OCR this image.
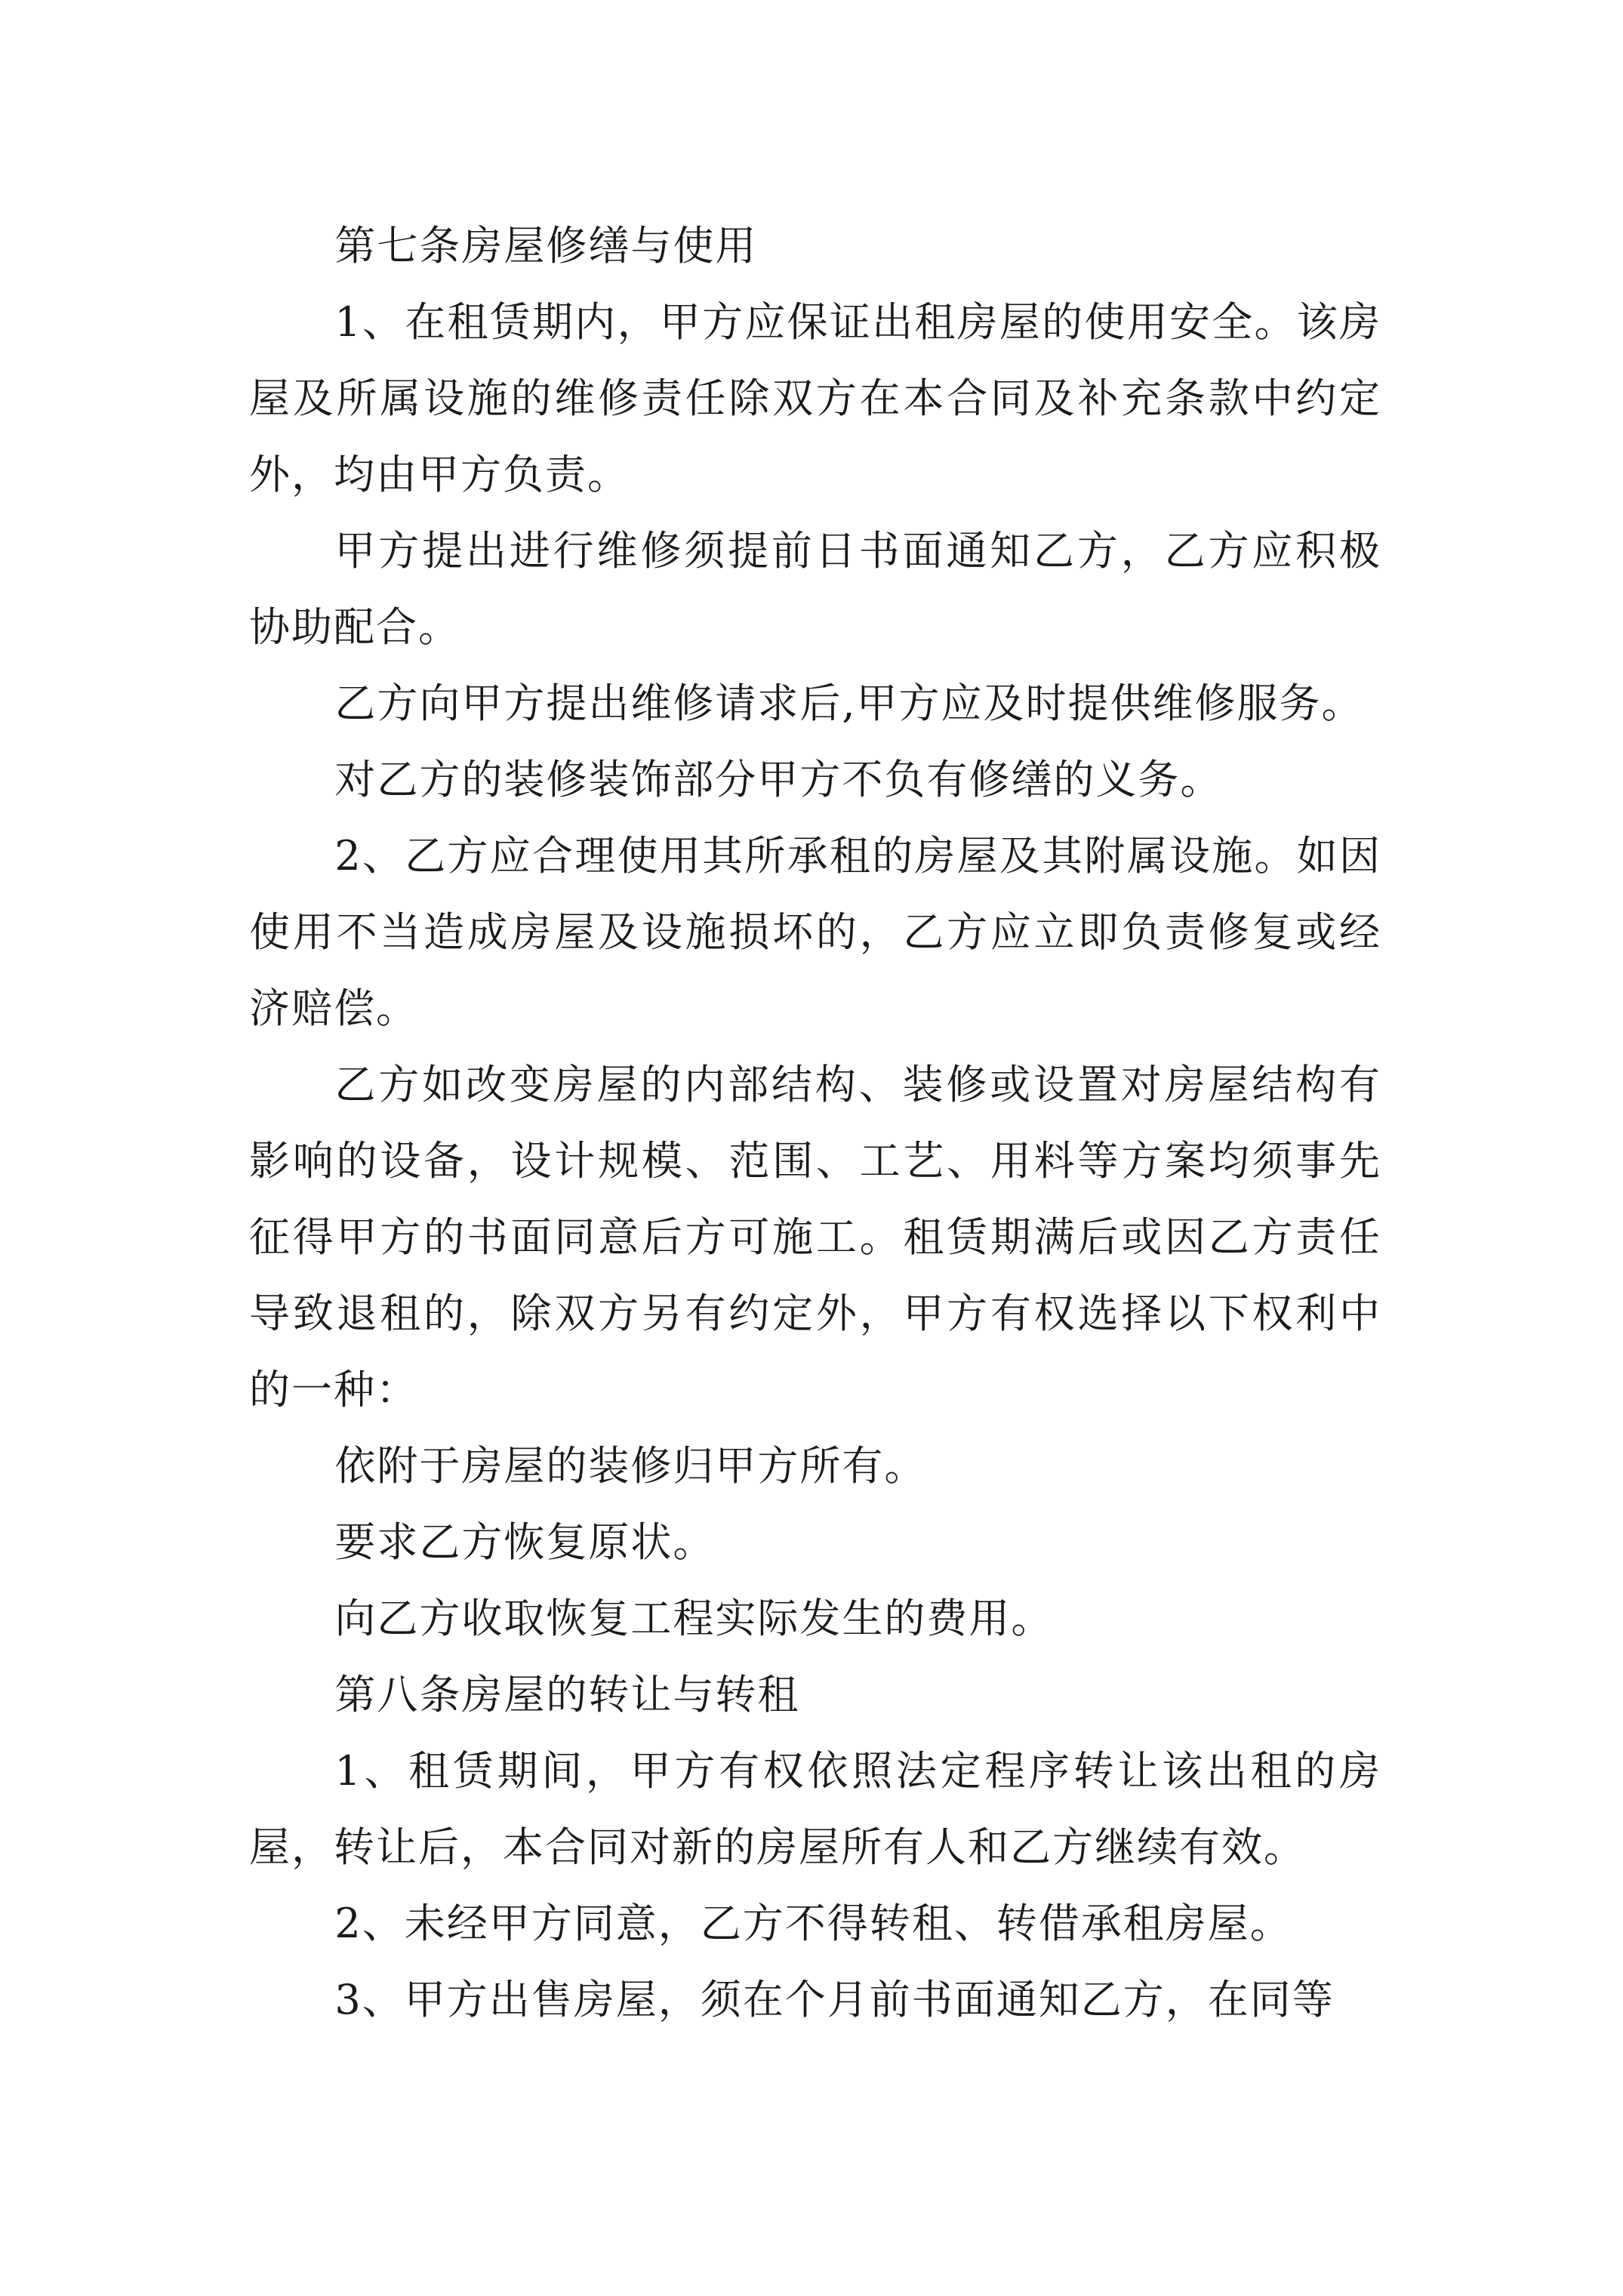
第七条房屋修缮与使用

1、在租赁期内，甲方应保证出租房屋的使用安全。该房屋及所属设施的维修责任除双方在本合同及补充条款中约定外，均由甲方负责。

甲方提出进行维修须提前日书面通知乙方，乙方应积极协助配合。

乙方向甲方提出维修请求后,甲方应及时提供维修服务。

对乙方的装修装饰部分甲方不负有修缮的义务。

2、乙方应合理使用其所承租的房屋及其附属设施。如因使用不当造成房屋及设施损坏的，乙方应立即负责修复或经济赔偿。

乙方如改变房屋的内部结构、装修或设置对房屋结构有影响的设备，设计规模、范围、工艺、用料等方案均须事先征得甲方的书面同意后方可施工。租赁期满后或因乙方责任导致退租的，除双方另有约定外，甲方有权选择以下权利中的一种：

依附于房屋的装修归甲方所有。

要求乙方恢复原状。

向乙方收取恢复工程实际发生的费用。

第八条房屋的转让与转租

1、租赁期间，甲方有权依照法定程序转让该出租的房屋，转让后，本合同对新的房屋所有人和乙方继续有效。

2、未经甲方同意，乙方不得转租、转借承租房屋。

3、甲方出售房屋，须在个月前书面通知乙方，在同等
